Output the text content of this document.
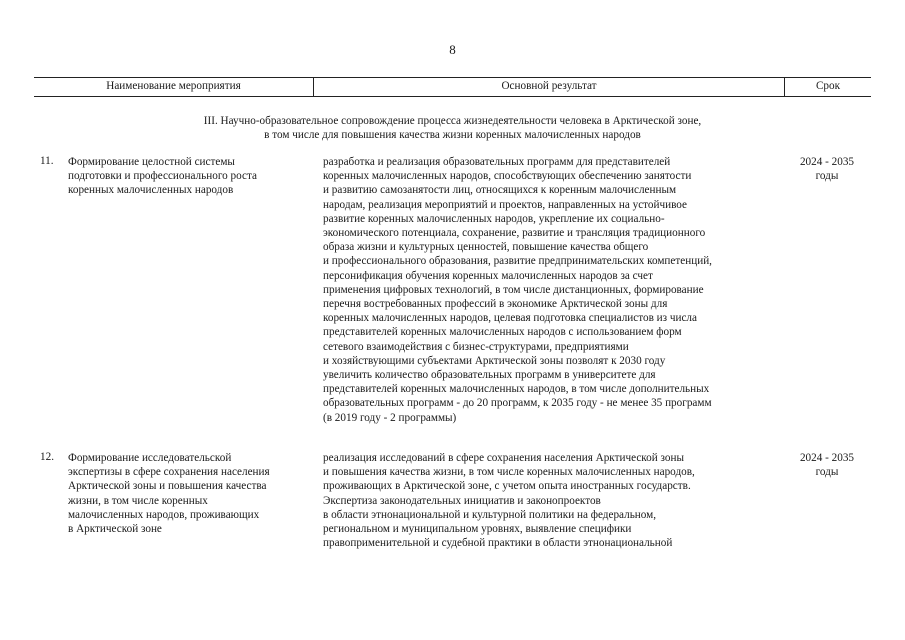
8
Наименование мероприятия	Основной результат	Срок
III. Научно-образовательное сопровождение процесса жизнедеятельности человека в Арктической зоне,
в том числе для повышения качества жизни коренных малочисленных народов
11. Формирование целостной системы
подготовки и профессионального роста
коренных малочисленных народов
разработка и реализация образовательных программ для представителей
коренных малочисленных народов, способствующих обеспечению занятости
и развитию самозанятости лиц, относящихся к коренным малочисленным
народам, реализация мероприятий и проектов, направленных на устойчивое
развитие коренных малочисленных народов, укрепление их социально-
экономического потенциала, сохранение, развитие и трансляция традиционного
образа жизни и культурных ценностей, повышение качества общего
и профессионального образования, развитие предпринимательских компетенций,
персонификация обучения коренных малочисленных народов за счет
применения цифровых технологий, в том числе дистанционных, формирование
перечня востребованных профессий в экономике Арктической зоны для
коренных малочисленных народов, целевая подготовка специалистов из числа
представителей коренных малочисленных народов с использованием форм
сетевого взаимодействия с бизнес-структурами, предприятиями
и хозяйствующими субъектами Арктической зоны позволят к 2030 году
увеличить количество образовательных программ в университете для
представителей коренных малочисленных народов, в том числе дополнительных
образовательных программ - до 20 программ, к 2035 году - не менее 35 программ
(в 2019 году - 2 программы)
2024 - 2035
годы
12. Формирование исследовательской
экспертизы в сфере сохранения населения
Арктической зоны и повышения качества
жизни, в том числе коренных
малочисленных народов, проживающих
в Арктической зоне
реализация исследований в сфере сохранения населения Арктической зоны
и повышения качества жизни, в том числе коренных малочисленных народов,
проживающих в Арктической зоне, с учетом опыта иностранных государств.
Экспертиза законодательных инициатив и законопроектов
в области этнонациональной и культурной политики на федеральном,
региональном и муниципальном уровнях, выявление специфики
правоприменительной и судебной практики в области этнонациональной
2024 - 2035
годы
